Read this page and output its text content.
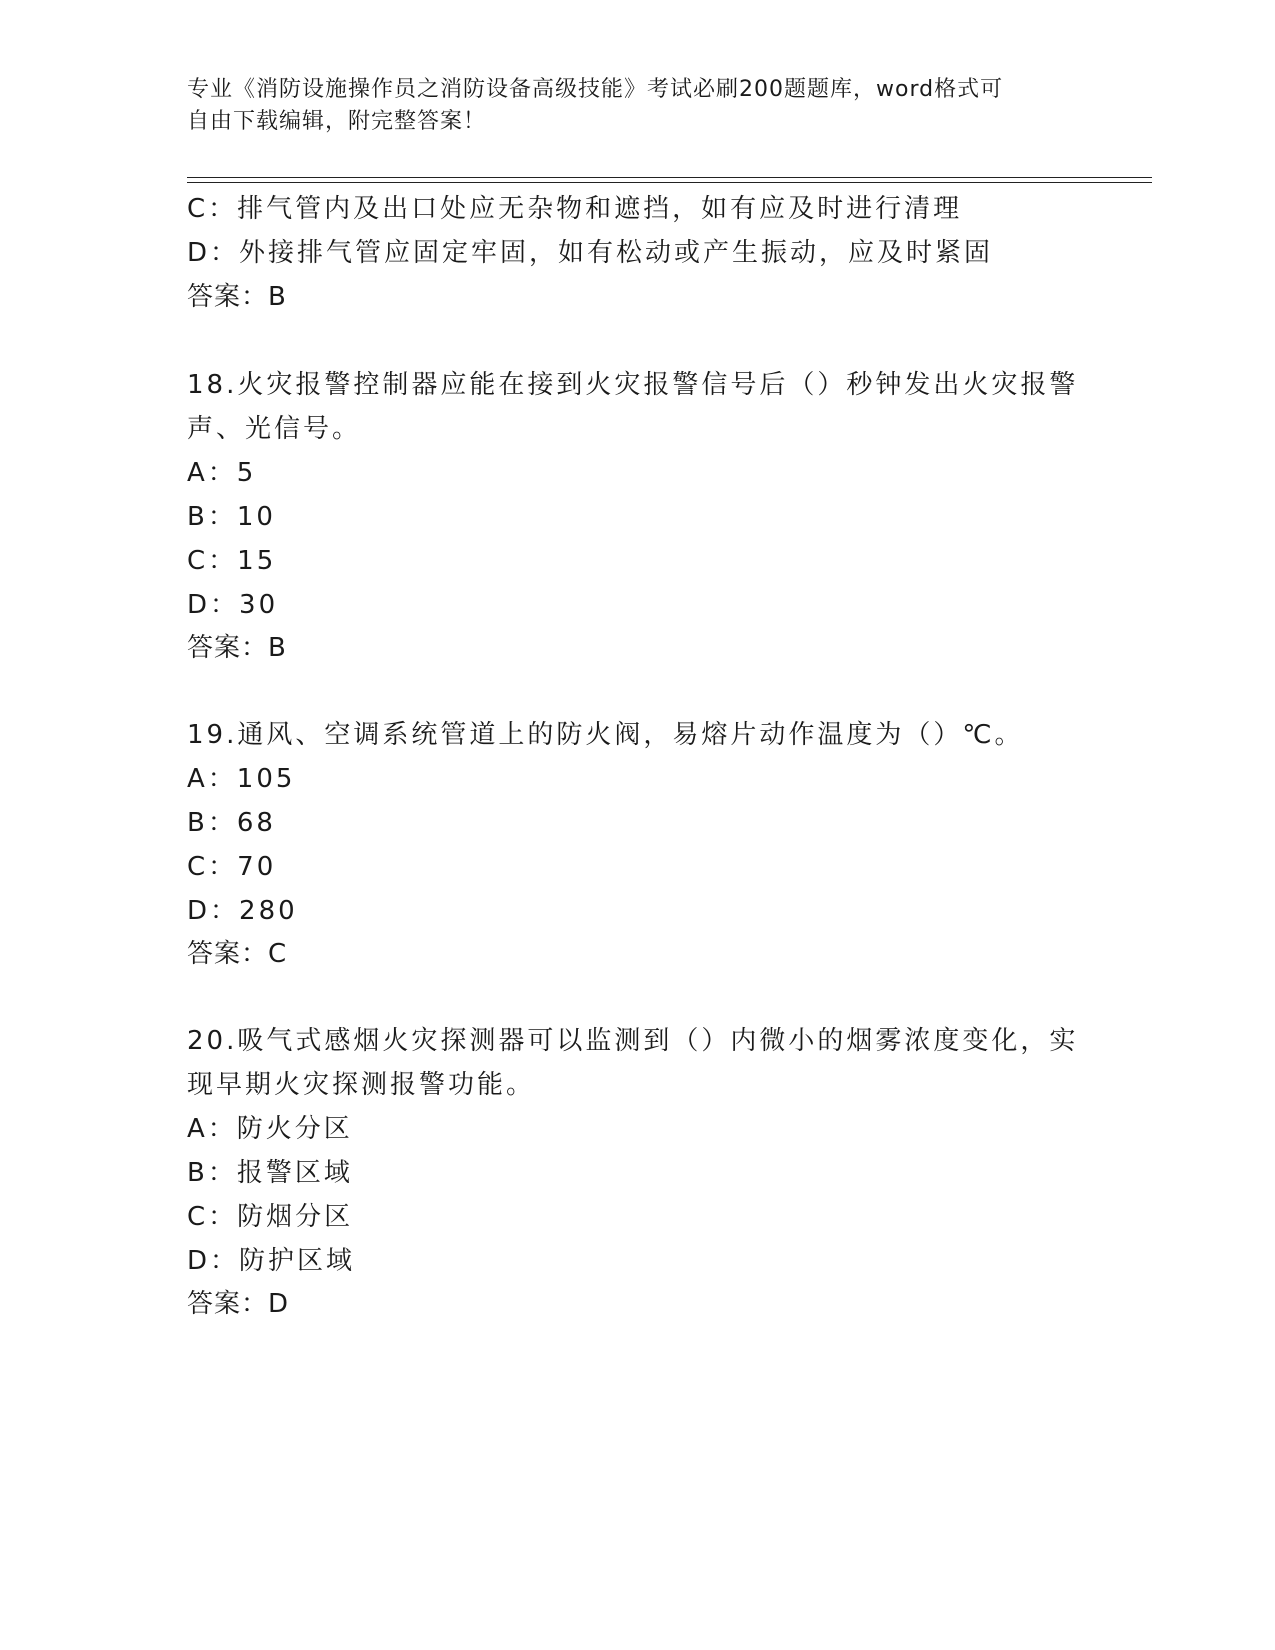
专业《消防设施操作员之消防设备高级技能》考试必刷200题题库，word格式可
自由下载编辑，附完整答案！
C：排气管内及出口处应无杂物和遮挡，如有应及时进行清理
D：外接排气管应固定牢固，如有松动或产生振动，应及时紧固
答案：B
18.火灾报警控制器应能在接到火灾报警信号后（）秒钟发出火灾报警
声、光信号。
A：5
B：10
C：15
D：30
答案：B
19.通风、空调系统管道上的防火阀，易熔片动作温度为（）℃。
A：105
B：68
C：70
D：280
答案：C
20.吸气式感烟火灾探测器可以监测到（）内微小的烟雾浓度变化，实
现早期火灾探测报警功能。
A：防火分区
B：报警区域
C：防烟分区
D：防护区域
答案：D
